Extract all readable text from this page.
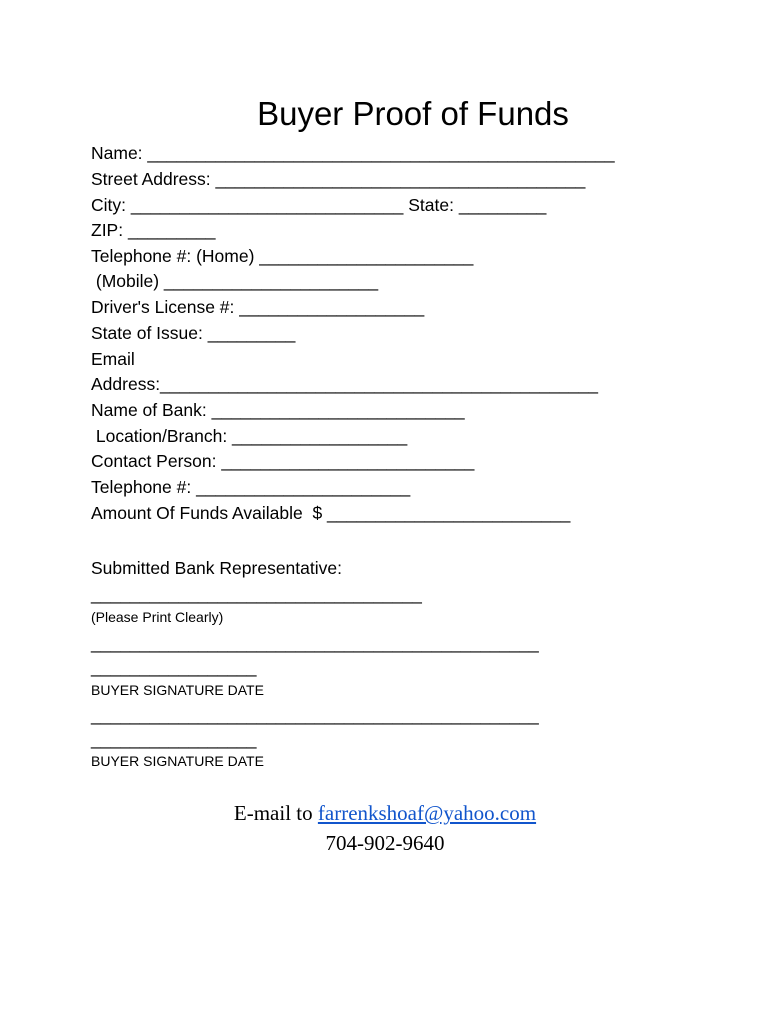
Buyer Proof of Funds
Name: ________________________________________________
Street Address: ______________________________________
City: ____________________________ State: _________
ZIP: _________
Telephone #: (Home) ______________________
(Mobile) ______________________
Driver's License #: ___________________
State of Issue: _________
Email
Address:_____________________________________________
Name of Bank: __________________________
Location/Branch: __________________
Contact Person: __________________________
Telephone #: ______________________
Amount Of Funds Available  $ _________________________
Submitted Bank Representative:
__________________________________
(Please Print Clearly)
______________________________________________
_________________
BUYER SIGNATURE DATE
______________________________________________
_________________
BUYER SIGNATURE DATE
E-mail to farrenkshoaf@yahoo.com
704-902-9640
